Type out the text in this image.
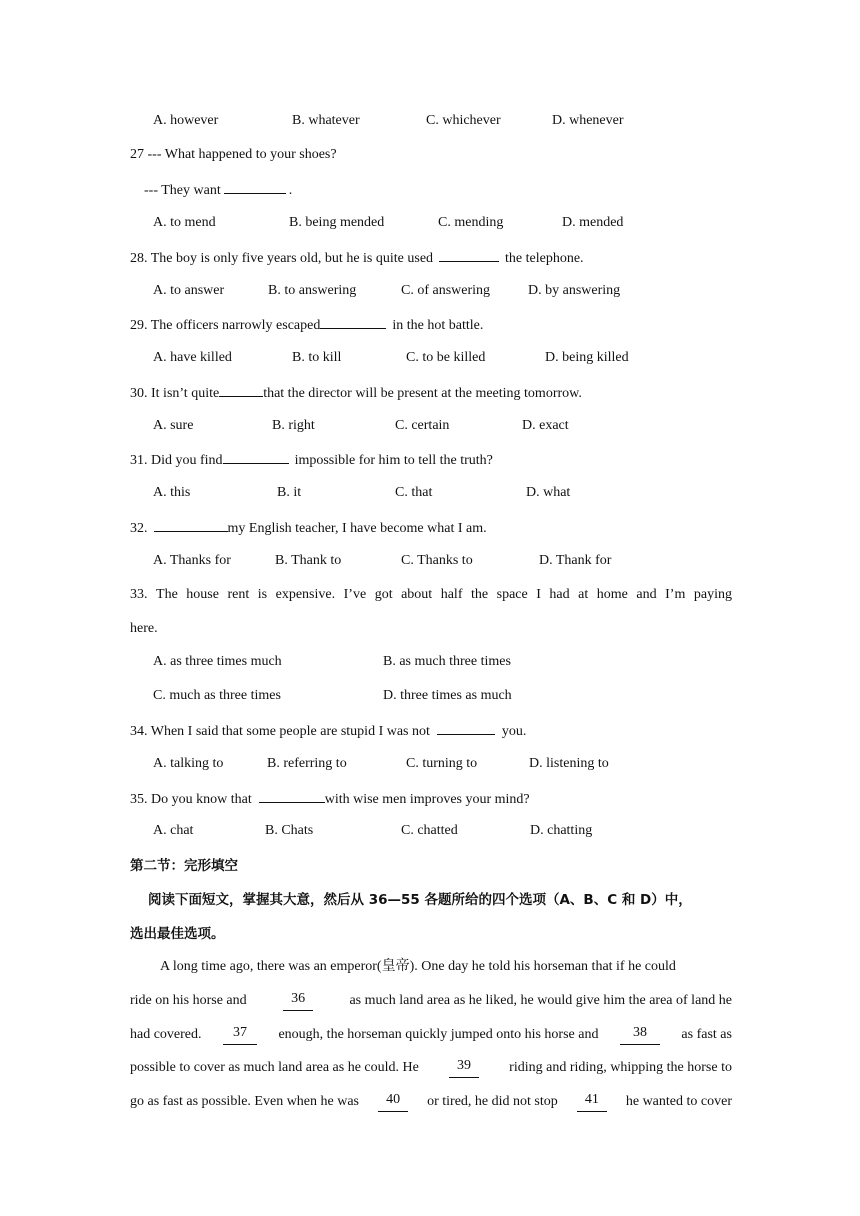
A. however	B. whatever	C. whichever	D. whenever
27 --- What happened to your shoes?
--- They want	.
A. to mend	B. being mended	C. mending	D. mended
28. The boy is only five years old, but he is quite used	the telephone.
A. to answer	B. to answering	C. of answering	D. by answering
29. The officers narrowly escaped	in the hot battle.
A. have killed	B. to kill	C. to be killed	D. being killed
30. It isn’t quite	that the director will be present at the meeting tomorrow.
A. sure	B. right	C. certain	D. exact
31. Did you find	impossible for him to tell the truth?
A. this	B. it	C. that	D. what
32.	my English teacher, I have become what I am.
A. Thanks for	B. Thank to	C. Thanks to	D. Thank for
33. The house rent is expensive. I’ve got about half the space I had at home and I’m paying
here.
A. as three times much	B. as much three times
C. much as three times	D. three times as much
34. When I said that some people are stupid I was not	you.
A. talking to	B. referring to	C. turning to	D. listening to
35. Do you know that	with wise men improves your mind?
A. chat	B. Chats	C. chatted	D. chatting
第二节：完形填空
阅读下面短文，掌握其大意，然后从 36—55 各题所给的四个选项（A、B、C 和 D）中，
选出最佳选项。
A long time ago, there was an emperor(皇帝). One day he told his horseman that if he could
ride on his horse and	36	as much land area as he liked, he would give him the area of land he
had covered.	37	enough, the horseman quickly jumped onto his horse and	38	as fast as
possible to cover as much land area as he could. He	39	riding and riding, whipping the horse to
go as fast as possible. Even when he was	40	or tired, he did not stop	41	he wanted to cover
